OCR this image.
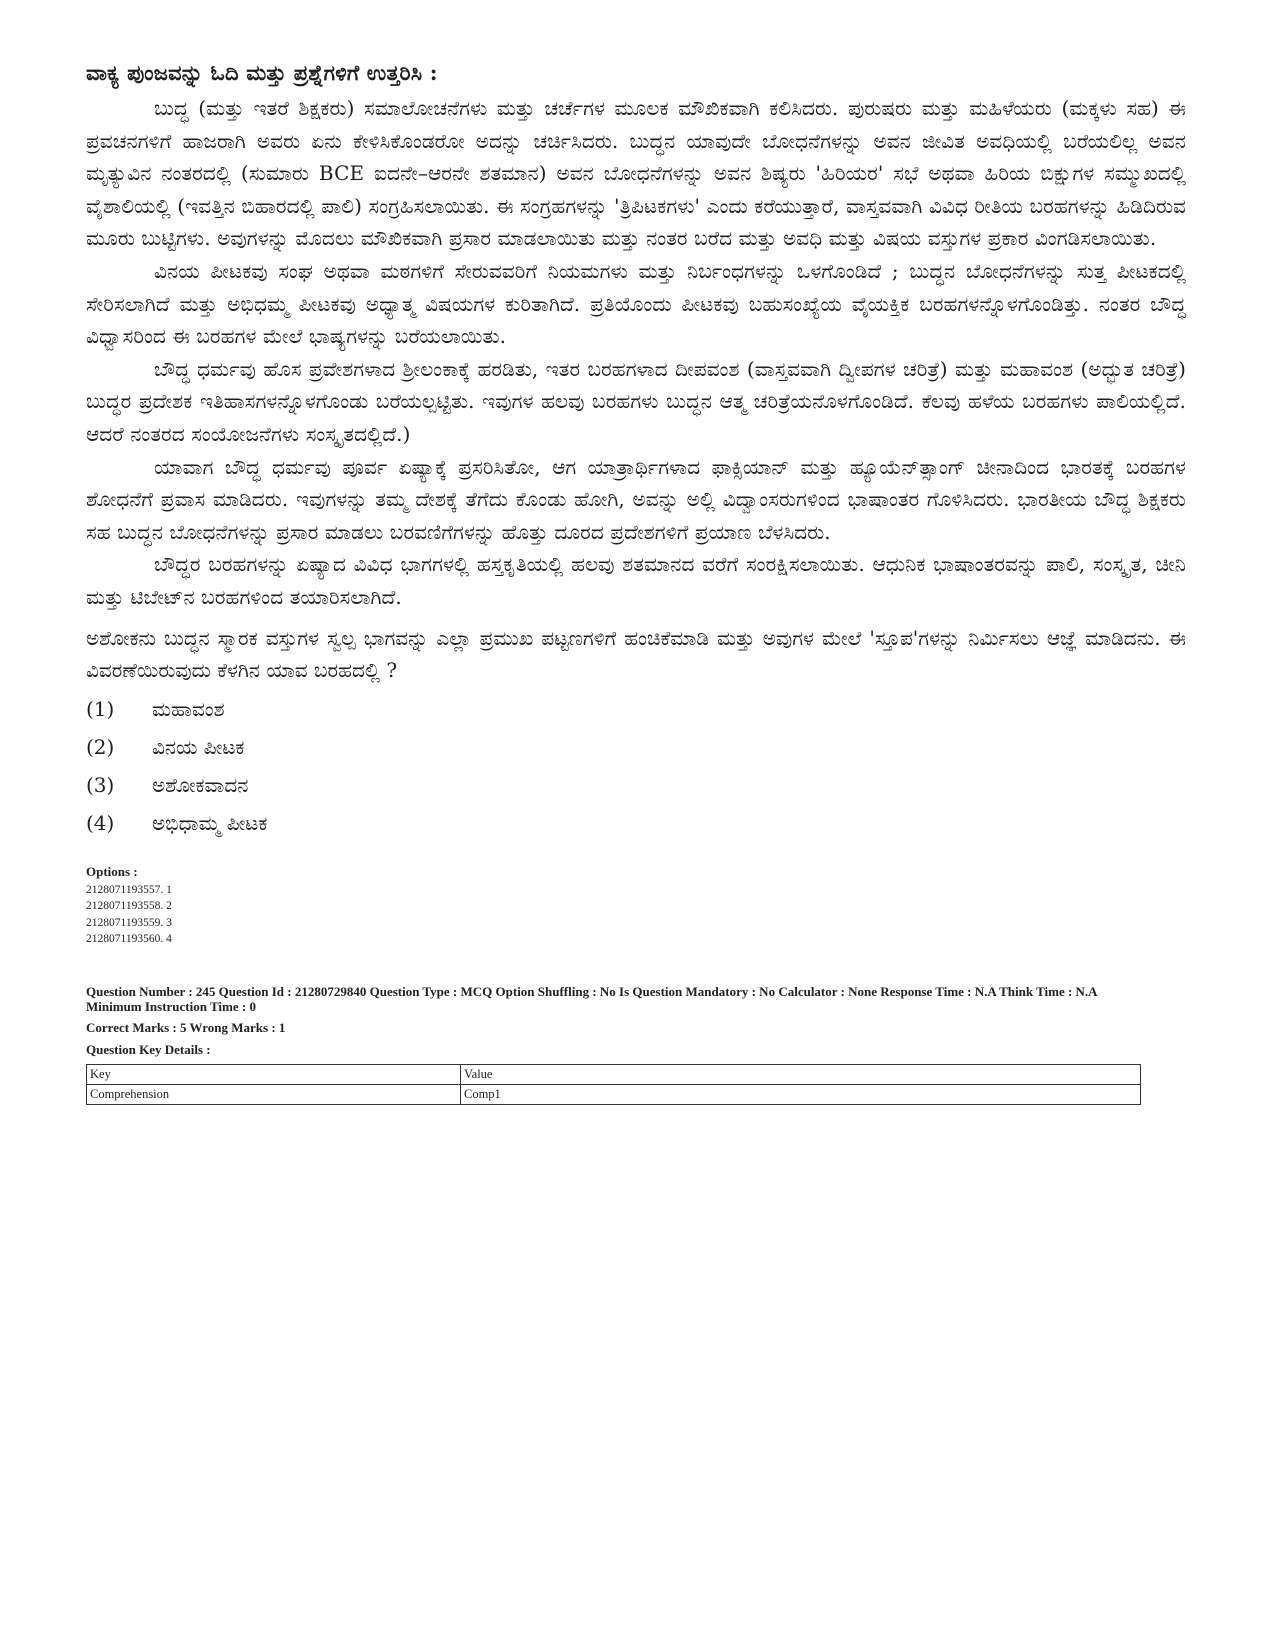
ವಾಕ್ಯ ಪುಂಜವನ್ನು ಓದಿ ಮತ್ತು ಪ್ರಶ್ನೆಗಳಿಗೆ ಉತ್ತರಿಸಿ :

ಬುದ್ಧ (ಮತ್ತು ಇತರೆ ಶಿಕ್ಷಕರು) ಸಮಾಲೋಚನೆಗಳು ಮತ್ತು ಚರ್ಚೆಗಳ ಮೂಲಕ ಮೌಖಿಕವಾಗಿ ಕಲಿಸಿದರು. ಪುರುಷರು ಮತ್ತು ಮಹಿಳೆಯರು (ಮಕ್ಕಳು ಸಹ) ಈ ಪ್ರವಚನಗಳಿಗೆ ಹಾಜರಾಗಿ ಅವರು ಏನು ಕೇಳಿಸಿಕೊಂಡರೋ ಅದನ್ನು ಚರ್ಚಿಸಿದರು. ಬುದ್ಧನ ಯಾವುದೇ ಬೋಧನೆಗಳನ್ನು ಅವನ ಜೀವಿತ ಅವಧಿಯಲ್ಲಿ ಬರೆಯಲಿಲ್ಲ ಅವನ ಮೃತ್ಯುವಿನ ನಂತರದಲ್ಲಿ (ಸುಮಾರು BCE ಐದನೇ–ಆರನೇ ಶತಮಾನ) ಅವನ ಬೋಧನೆಗಳನ್ನು ಅವನ ಶಿಷ್ಯರು 'ಹಿರಿಯರ' ಸಭೆ ಅಥವಾ ಹಿರಿಯ ಬಿಕ್ಷುಗಳ ಸಮ್ಮುಖದಲ್ಲಿ ವೈಶಾಲಿಯಲ್ಲಿ (ಇವತ್ತಿನ ಬಿಹಾರದಲ್ಲಿ ಪಾಲಿ) ಸಂಗ್ರಹಿಸಲಾಯಿತು. ಈ ಸಂಗ್ರಹಗಳನ್ನು 'ತ್ರಿಪಿಟಕಗಳು' ಎಂದು ಕರೆಯುತ್ತಾರೆ, ವಾಸ್ತವವಾಗಿ ವಿವಿಧ ರೀತಿಯ ಬರಹಗಳನ್ನು ಹಿಡಿದಿರುವ ಮೂರು ಬುಟ್ಟಿಗಳು. ಅವುಗಳನ್ನು ಮೊದಲು ಮೌಖಿಕವಾಗಿ ಪ್ರಸಾರ ಮಾಡಲಾಯಿತು ಮತ್ತು ನಂತರ ಬರೆದ ಮತ್ತು ಅವಧಿ ಮತ್ತು ವಿಷಯ ವಸ್ತುಗಳ ಪ್ರಕಾರ ವಿಂಗಡಿಸಲಾಯಿತು.

ವಿನಯ ಪೀಟಕವು ಸಂಘ ಅಥವಾ ಮಠಗಳಿಗೆ ಸೇರುವವರಿಗೆ ನಿಯಮಗಳು ಮತ್ತು ನಿರ್ಬಂಧಗಳನ್ನು ಒಳಗೊಂಡಿದೆ ; ಬುದ್ಧನ ಬೋಧನೆಗಳನ್ನು ಸುತ್ತ ಪೀಟಕದಲ್ಲಿ ಸೇರಿಸಲಾಗಿದೆ ಮತ್ತು ಅಭಿಧಮ್ಮ ಪೀಟಕವು ಅಧ್ಯಾತ್ಮ ವಿಷಯಗಳ ಕುರಿತಾಗಿದೆ. ಪ್ರತಿಯೊಂದು ಪೀಟಕವು ಬಹುಸಂಖ್ಯೆಯ ವೈಯಕ್ತಿಕ ಬರಹಗಳನ್ನೊಳಗೊಂಡಿತ್ತು. ನಂತರ ಬೌದ್ಧ ವಿಧ್ವಾಸರಿಂದ ಈ ಬರಹಗಳ ಮೇಲೆ ಭಾಷ್ಯಗಳನ್ನು ಬರೆಯಲಾಯಿತು.

ಬೌದ್ಧ ಧರ್ಮವು ಹೊಸ ಪ್ರವೇಶಗಳಾದ ಶ್ರೀಲಂಕಾಕ್ಕೆ ಹರಡಿತು, ಇತರ ಬರಹಗಳಾದ ದೀಪವಂಶ (ವಾಸ್ತವವಾಗಿ ದ್ವೀಪಗಳ ಚರಿತ್ರೆ) ಮತ್ತು ಮಹಾವಂಶ (ಅದ್ಭುತ ಚರಿತ್ರೆ) ಬುದ್ಧರ ಪ್ರದೇಶಕ ಇತಿಹಾಸಗಳನ್ನೊಳಗೊಂಡು ಬರೆಯಲ್ಪಟ್ಟಿತು. ಇವುಗಳ ಹಲವು ಬರಹಗಳು ಬುದ್ಧನ ಆತ್ಮ ಚರಿತ್ರೆಯನೊಳಗೊಂಡಿದೆ. ಕೆಲವು ಹಳೆಯ ಬರಹಗಳು ಪಾಲಿಯಲ್ಲಿದೆ. ಆದರೆ ನಂತರದ ಸಂಯೋಜನೆಗಳು ಸಂಸ್ಕೃತದಲ್ಲಿದೆ.)

ಯಾವಾಗ ಬೌದ್ಧ ಧರ್ಮವು ಪೂರ್ವ ಏಷ್ಯಾಕ್ಕೆ ಪ್ರಸರಿಸಿತೋ, ಆಗ ಯಾತ್ರಾರ್ಥಿಗಳಾದ ಫಾಕ್ಸಿಯಾನ್ ಮತ್ತು ಹ್ಯೂಯೆನ್‌ತ್ಸಾಂಗ್ ಚೀನಾದಿಂದ ಭಾರತಕ್ಕೆ ಬರಹಗಳ ಶೋಧನೆಗೆ ಪ್ರವಾಸ ಮಾಡಿದರು. ಇವುಗಳನ್ನು ತಮ್ಮ ದೇಶಕ್ಕೆ ತೆಗೆದು ಕೊಂಡು ಹೋಗಿ, ಅವನ್ನು ಅಲ್ಲಿ ವಿದ್ವಾಂಸರುಗಳಿಂದ ಭಾಷಾಂತರ ಗೊಳಿಸಿದರು. ಭಾರತೀಯ ಬೌದ್ಧ ಶಿಕ್ಷಕರು ಸಹ ಬುದ್ಧನ ಬೋಧನೆಗಳನ್ನು ಪ್ರಸಾರ ಮಾಡಲು ಬರವಣಿಗೆಗಳನ್ನು ಹೊತ್ತು ದೂರದ ಪ್ರದೇಶಗಳಿಗೆ ಪ್ರಯಾಣ ಬೆಳಸಿದರು.

ಬೌದ್ಧರ ಬರಹಗಳನ್ನು ಏಷ್ಯಾದ ವಿವಿಧ ಭಾಗಗಳಲ್ಲಿ ಹಸ್ತಕೃತಿಯಲ್ಲಿ ಹಲವು ಶತಮಾನದ ವರೆಗೆ ಸಂರಕ್ಷಿಸಲಾಯಿತು. ಆಧುನಿಕ ಭಾಷಾಂತರವನ್ನು ಪಾಲಿ, ಸಂಸ್ಕೃತ, ಚೀನಿ ಮತ್ತು ಟಿಬೇಟ್‌ನ ಬರಹಗಳಿಂದ ತಯಾರಿಸಲಾಗಿದೆ.

ಅಶೋಕನು ಬುದ್ಧನ ಸ್ಮಾರಕ ವಸ್ತುಗಳ ಸ್ವಲ್ಪ ಭಾಗವನ್ನು ಎಲ್ಲಾ ಪ್ರಮುಖ ಪಟ್ಟಣಗಳಿಗೆ ಹಂಚಿಕೆಮಾಡಿ ಮತ್ತು ಅವುಗಳ ಮೇಲೆ 'ಸ್ತೂಪ'ಗಳನ್ನು ನಿರ್ಮಿಸಲು ಆಜ್ಞೆ ಮಾಡಿದನು. ಈ ವಿವರಣೆಯಿರುವುದು ಕೆಳಗಿನ ಯಾವ ಬರಹದಲ್ಲಿ ?

(1)	ಮಹಾವಂಶ
(2)	ವಿನಯ ಪೀಟಕ
(3)	ಅಶೋಕವಾದನ
(4)	ಅಭಿಧಾಮ್ಮ ಪೀಟಕ
Options :
2128071193557. 1
2128071193558. 2
2128071193559. 3
2128071193560. 4
Question Number : 245 Question Id : 21280729840 Question Type : MCQ Option Shuffling : No Is Question Mandatory : No Calculator : None Response Time : N.A Think Time : N.A Minimum Instruction Time : 0
Correct Marks : 5 Wrong Marks : 1
Question Key Details :
Key	Value
Comprehension	Comp1
